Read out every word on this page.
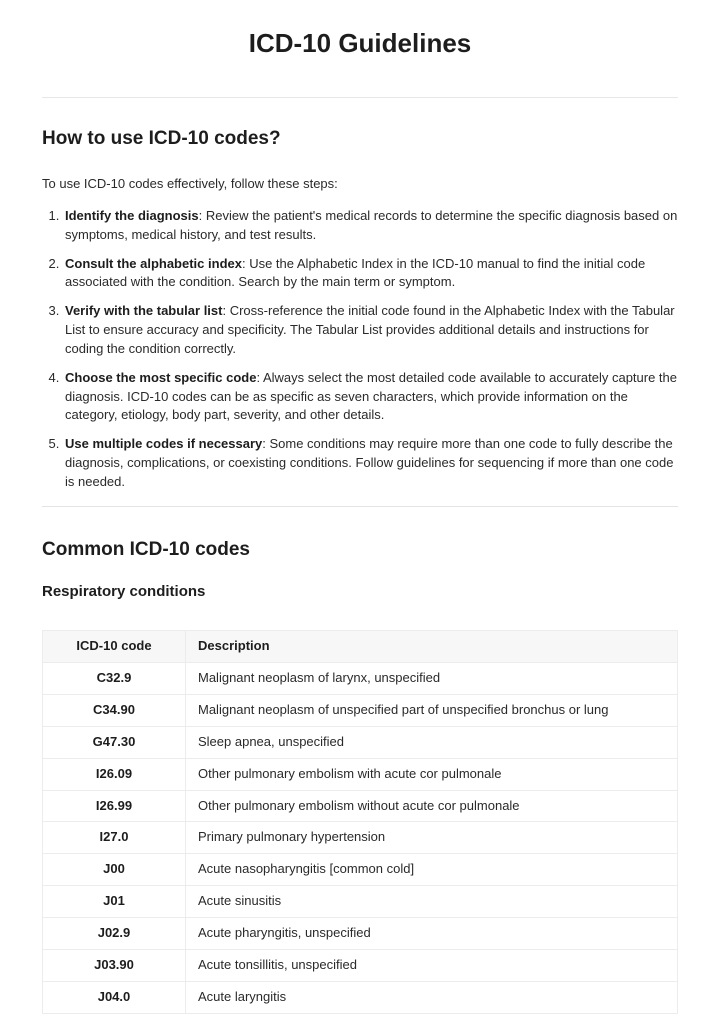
ICD-10 Guidelines
How to use ICD-10 codes?

To use ICD-10 codes effectively, follow these steps:

1. Identify the diagnosis: Review the patient's medical records to determine the specific diagnosis based on symptoms, medical history, and test results.
2. Consult the alphabetic index: Use the Alphabetic Index in the ICD-10 manual to find the initial code associated with the condition. Search by the main term or symptom.
3. Verify with the tabular list: Cross-reference the initial code found in the Alphabetic Index with the Tabular List to ensure accuracy and specificity. The Tabular List provides additional details and instructions for coding the condition correctly.
4. Choose the most specific code: Always select the most detailed code available to accurately capture the diagnosis. ICD-10 codes can be as specific as seven characters, which provide information on the category, etiology, body part, severity, and other details.
5. Use multiple codes if necessary: Some conditions may require more than one code to fully describe the diagnosis, complications, or coexisting conditions. Follow guidelines for sequencing if more than one code is needed.
Common ICD-10 codes
Respiratory conditions
ICD-10 code	Description
C32.9	Malignant neoplasm of larynx, unspecified
C34.90	Malignant neoplasm of unspecified part of unspecified bronchus or lung
G47.30	Sleep apnea, unspecified
I26.09	Other pulmonary embolism with acute cor pulmonale
I26.99	Other pulmonary embolism without acute cor pulmonale
I27.0	Primary pulmonary hypertension
J00	Acute nasopharyngitis [common cold]
J01	Acute sinusitis
J02.9	Acute pharyngitis, unspecified
J03.90	Acute tonsillitis, unspecified
J04.0	Acute laryngitis
